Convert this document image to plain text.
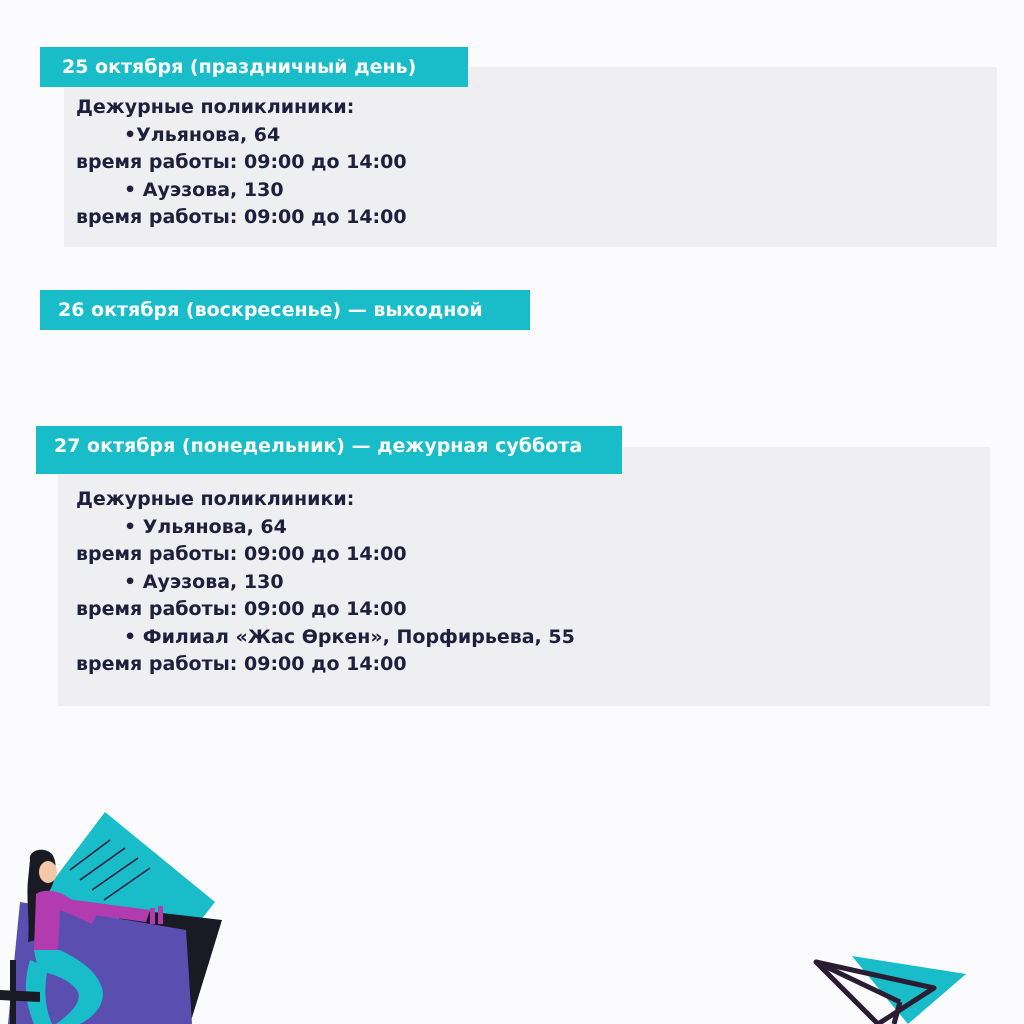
25 октября (праздничный день)
Дежурные поликлиники:
•Ульянова, 64
время работы: 09:00 до 14:00
• Ауэзова, 130
время работы: 09:00 до 14:00
26 октября (воскресенье) — выходной
27 октября (понедельник) — дежурная суббота
Дежурные поликлиники:
• Ульянова, 64
время работы: 09:00 до 14:00
• Ауэзова, 130
время работы: 09:00 до 14:00
• Филиал «Жас Өркен», Порфирьева, 55
время работы: 09:00 до 14:00
